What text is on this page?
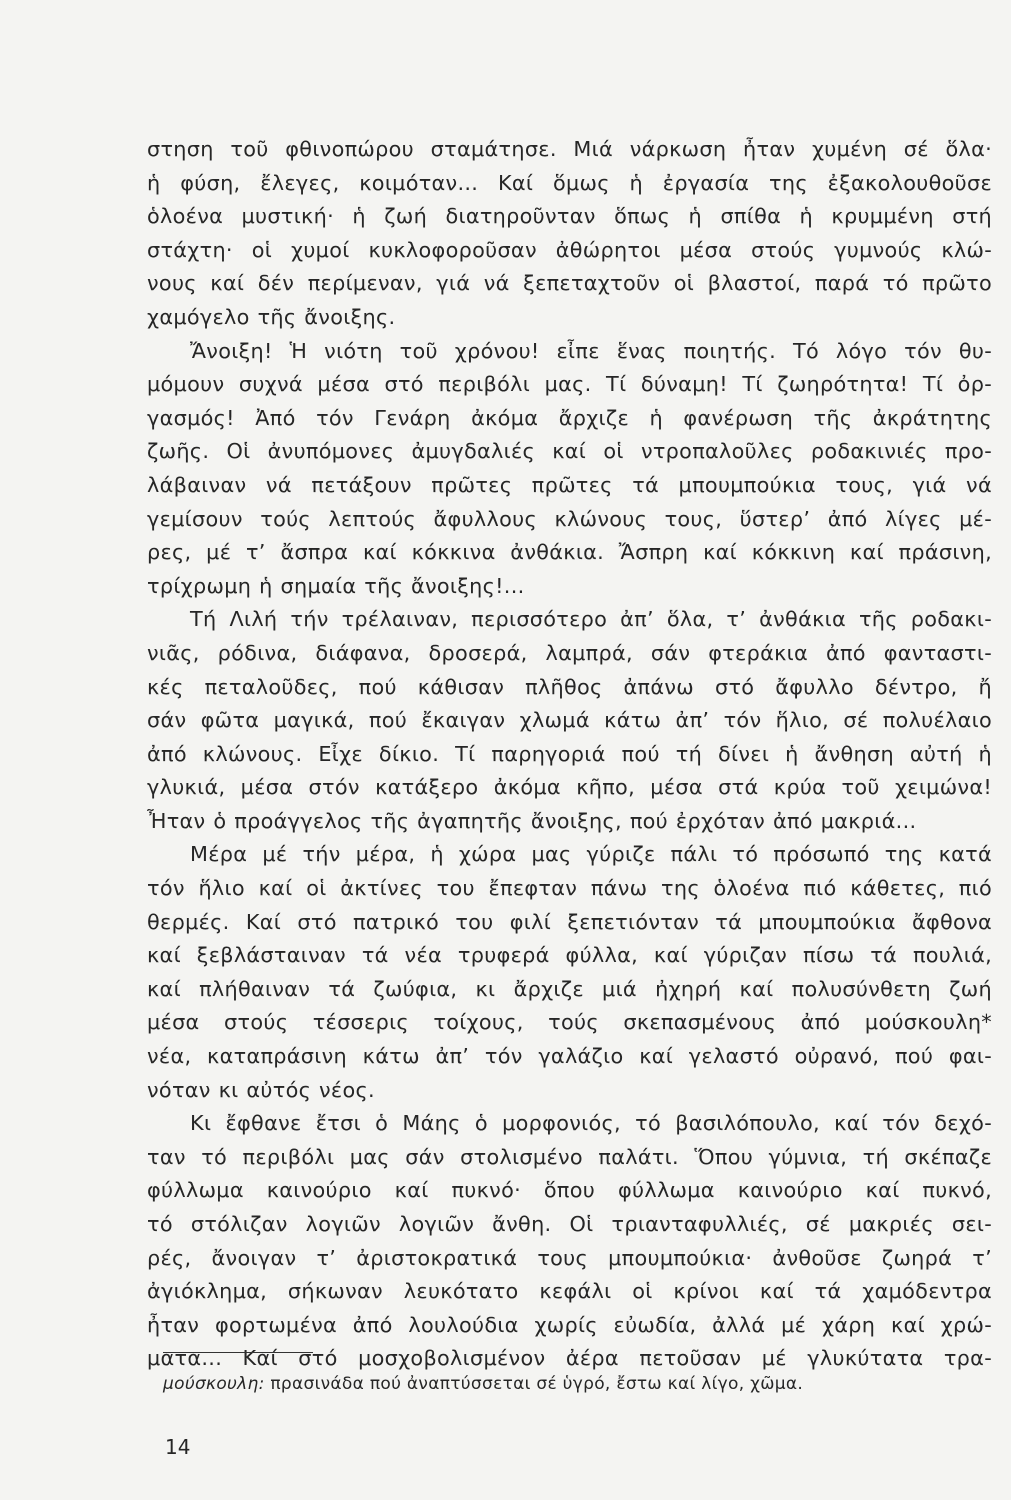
στηση τοῦ φθινοπώρου σταμάτησε. Μιά νάρκωση ἦταν χυμένη σέ ὅλα·
ἡ φύση, ἔλεγες, κοιμόταν... Καί ὅμως ἡ ἐργασία της ἐξακολουθοῦσε
ὁλοένα μυστική· ἡ ζωή διατηροῦνταν ὅπως ἡ σπίθα ἡ κρυμμένη στή
στάχτη· οἱ χυμοί κυκλοφοροῦσαν ἀθώρητοι μέσα στούς γυμνούς κλώ-
νους καί δέν περίμεναν, γιά νά ξεπεταχτοῦν οἱ βλαστοί, παρά τό πρῶτο
χαμόγελο τῆς ἄνοιξης.
Ἄνοιξη! Ἡ νιότη τοῦ χρόνου! εἶπε ἕνας ποιητής. Τό λόγο τόν θυ-
μόμουν συχνά μέσα στό περιβόλι μας. Τί δύναμη! Τί ζωηρότητα! Τί ὀρ-
γασμός! Ἀπό τόν Γενάρη ἀκόμα ἄρχιζε ἡ φανέρωση τῆς ἀκράτητης
ζωῆς. Οἱ ἀνυπόμονες ἀμυγδαλιές καί οἱ ντροπαλοῦλες ροδακινιές προ-
λάβαιναν νά πετάξουν πρῶτες πρῶτες τά μπουμπούκια τους, γιά νά
γεμίσουν τούς λεπτούς ἄφυλλους κλώνους τους, ὕστερ’ ἀπό λίγες μέ-
ρες, μέ τ’ ἄσπρα καί κόκκινα ἀνθάκια. Ἄσπρη καί κόκκινη καί πράσινη,
τρίχρωμη ἡ σημαία τῆς ἄνοιξης!...
Τή Λιλή τήν τρέλαιναν, περισσότερο ἀπ’ ὅλα, τ’ ἀνθάκια τῆς ροδακι-
νιᾶς, ρόδινα, διάφανα, δροσερά, λαμπρά, σάν φτεράκια ἀπό φανταστι-
κές πεταλοῦδες, πού κάθισαν πλῆθος ἀπάνω στό ἄφυλλο δέντρο, ἤ
σάν φῶτα μαγικά, πού ἔκαιγαν χλωμά κάτω ἀπ’ τόν ἥλιο, σέ πολυέλαιο
ἀπό κλώνους. Εἶχε δίκιο. Τί παρηγοριά πού τή δίνει ἡ ἄνθηση αὐτή ἡ
γλυκιά, μέσα στόν κατάξερο ἀκόμα κῆπο, μέσα στά κρύα τοῦ χειμώνα!
Ἦταν ὁ προάγγελος τῆς ἀγαπητῆς ἄνοιξης, πού ἐρχόταν ἀπό μακριά...
Μέρα μέ τήν μέρα, ἡ χώρα μας γύριζε πάλι τό πρόσωπό της κατά
τόν ἥλιο καί οἱ ἀκτίνες του ἔπεφταν πάνω της ὁλοένα πιό κάθετες, πιό
θερμές. Καί στό πατρικό του φιλί ξεπετιόνταν τά μπουμπούκια ἄφθονα
καί ξεβλάσταιναν τά νέα τρυφερά φύλλα, καί γύριζαν πίσω τά πουλιά,
καί πλήθαιναν τά ζωύφια, κι ἄρχιζε μιά ἠχηρή καί πολυσύνθετη ζωή
μέσα στούς τέσσερις τοίχους, τούς σκεπασμένους ἀπό μούσκουλη*
νέα, καταπράσινη κάτω ἀπ’ τόν γαλάζιο καί γελαστό οὐρανό, πού φαι-
νόταν κι αὐτός νέος.
Κι ἔφθανε ἔτσι ὁ Μάης ὁ μορφονιός, τό βασιλόπουλο, καί τόν δεχό-
ταν τό περιβόλι μας σάν στολισμένο παλάτι. Ὅπου γύμνια, τή σκέπαζε
φύλλωμα καινούριο καί πυκνό· ὅπου φύλλωμα καινούριο καί πυκνό,
τό στόλιζαν λογιῶν λογιῶν ἄνθη. Οἱ τριανταφυλλιές, σέ μακριές σει-
ρές, ἄνοιγαν τ’ ἀριστοκρατικά τους μπουμπούκια· ἀνθοῦσε ζωηρά τ’
ἀγιόκλημα, σήκωναν λευκότατο κεφάλι οἱ κρίνοι καί τά χαμόδεντρα
ἦταν φορτωμένα ἀπό λουλούδια χωρίς εὐωδία, ἀλλά μέ χάρη καί χρώ-
ματα... Καί στό μοσχοβολισμένον ἀέρα πετοῦσαν μέ γλυκύτατα τρα-
μούσκουλη: πρασινάδα πού ἀναπτύσσεται σέ ὑγρό, ἔστω καί λίγο, χῶμα.
14
